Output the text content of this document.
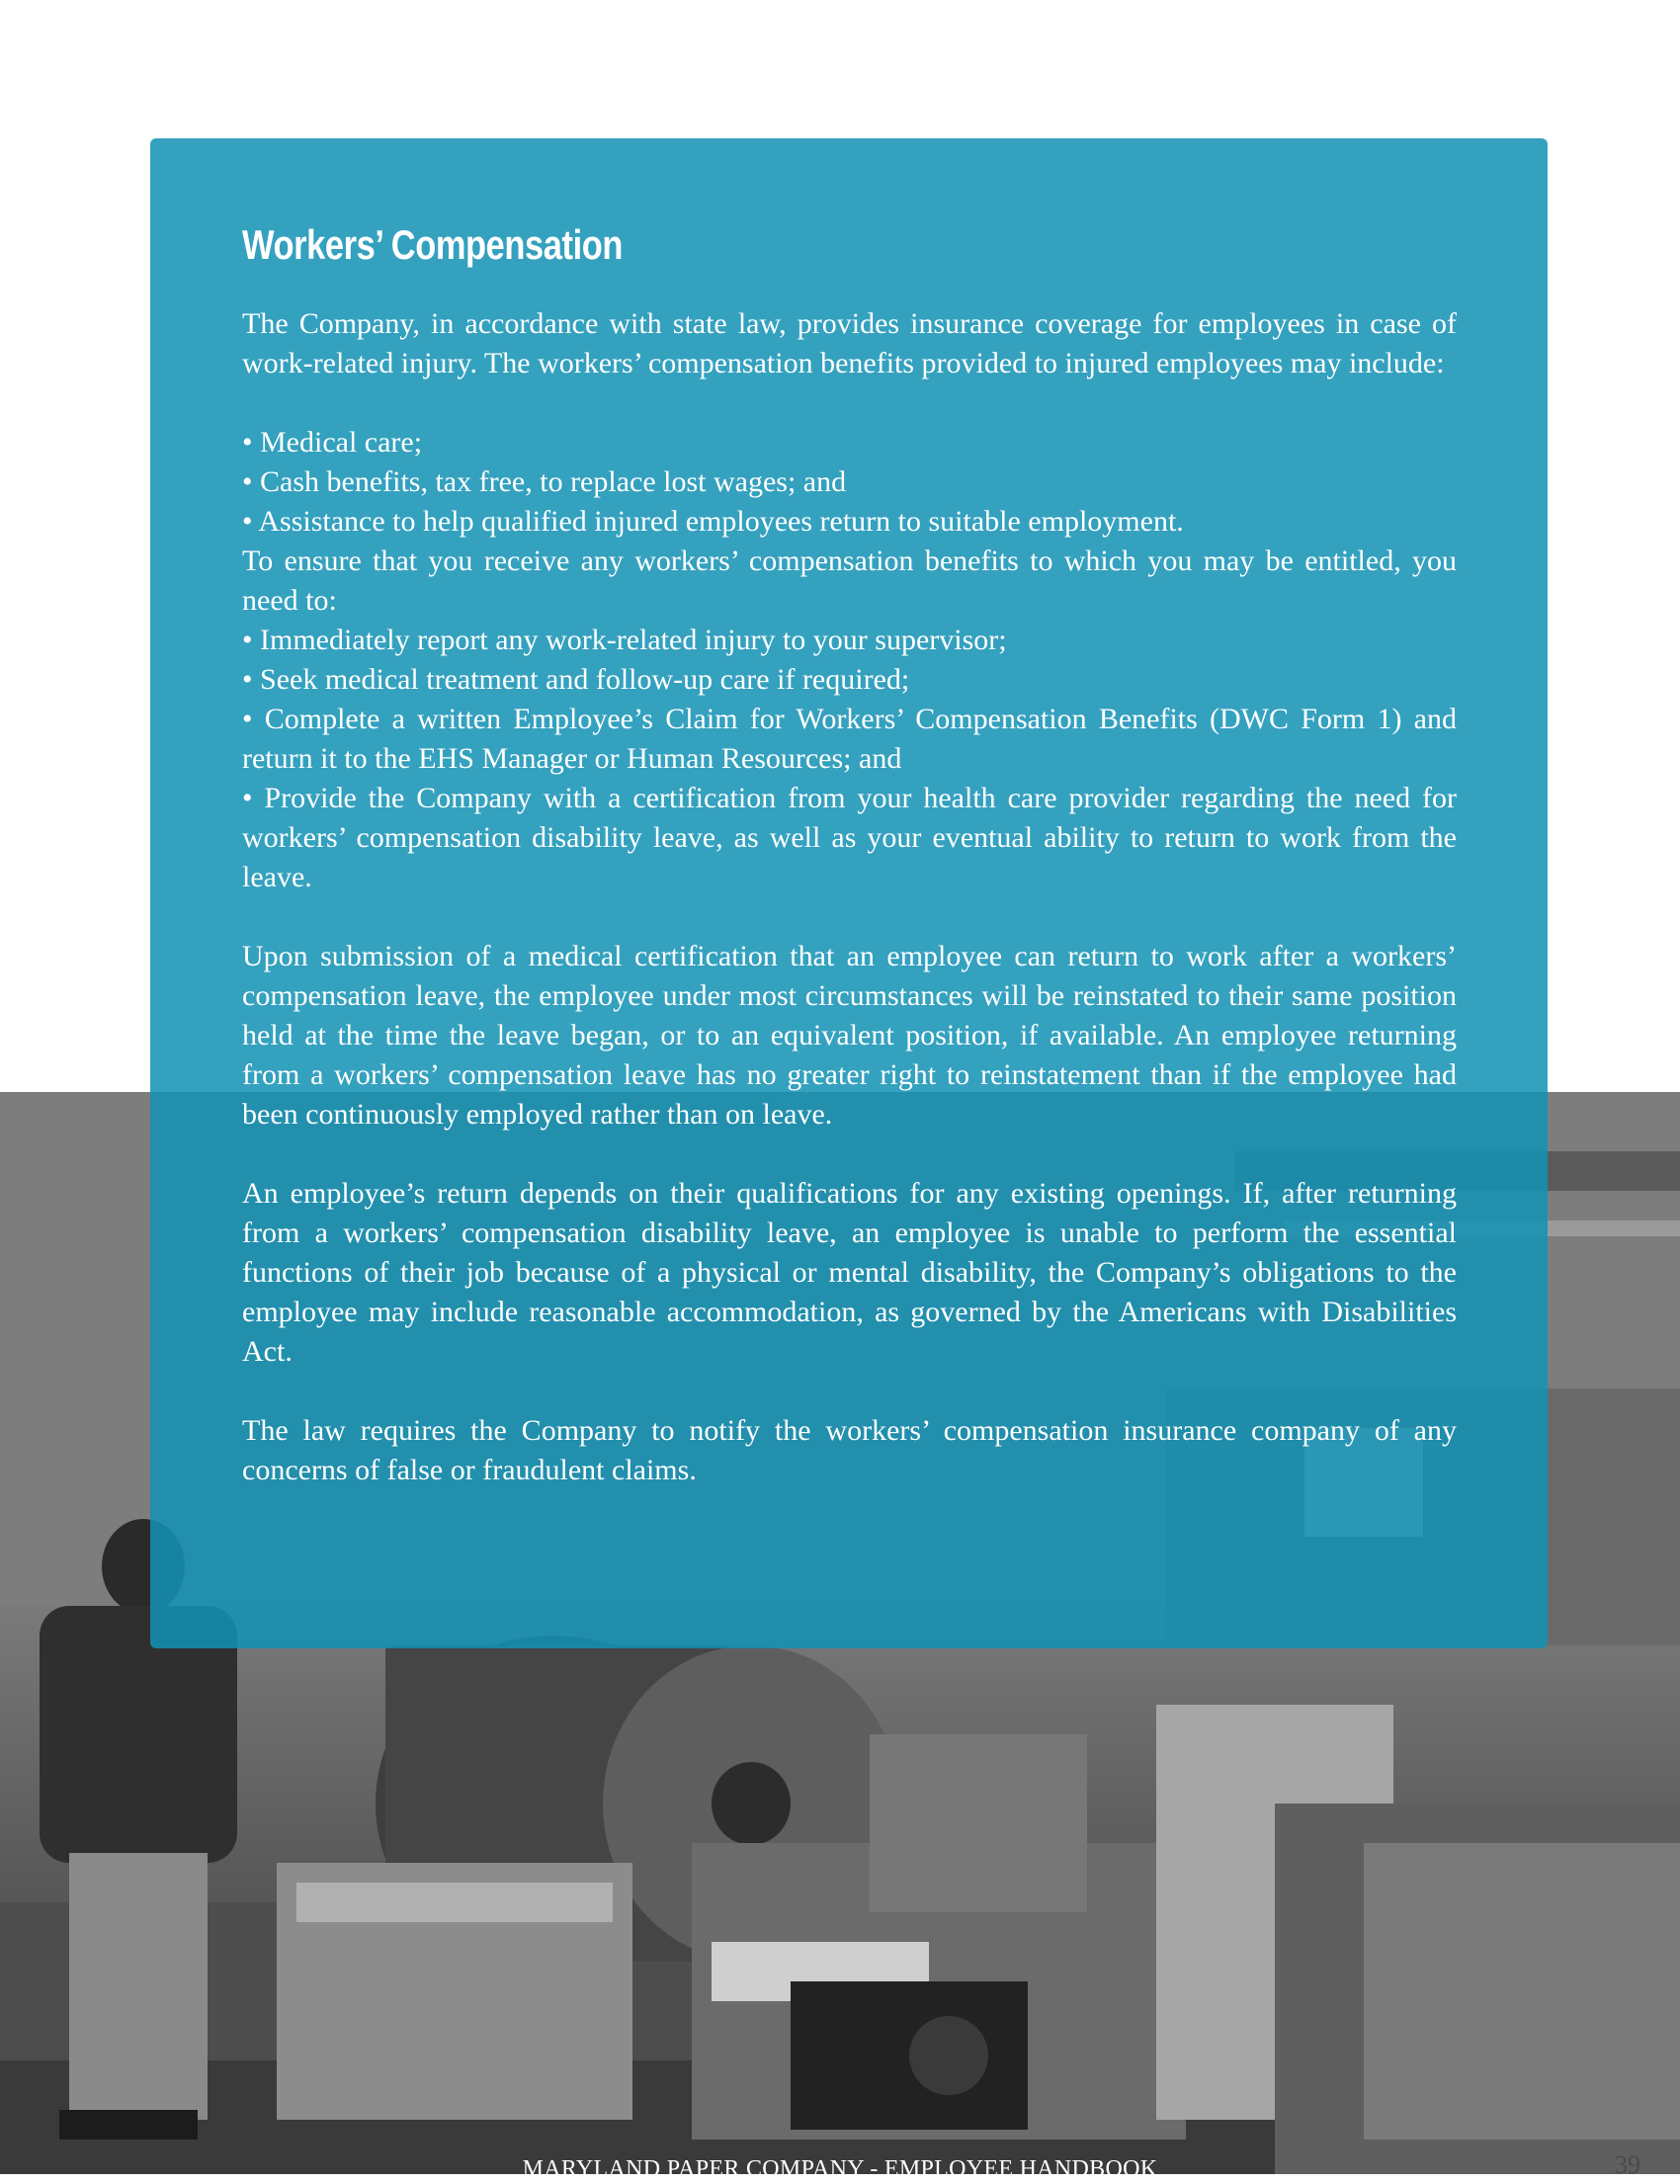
Workers’ Compensation

The Company, in accordance with state law, provides insurance coverage for employees in case of work-related injury. The workers’ compensation benefits provided to injured employees may include:

• Medical care;

• Cash benefits, tax free, to replace lost wages; and

• Assistance to help qualified injured employees return to suitable employment.

To ensure that you receive any workers’ compensation benefits to which you may be entitled, you need to:

• Immediately report any work-related injury to your supervisor;

• Seek medical treatment and follow-up care if required;

• Complete a written Employee’s Claim for Workers’ Compensation Benefits (DWC Form 1) and return it to the EHS Manager or Human Resources; and

• Provide the Company with a certification from your health care provider regarding the need for workers’ compensation disability leave, as well as your eventual ability to return to work from the leave.

Upon submission of a medical certification that an employee can return to work after a workers’ compensation leave, the employee under most circumstances will be reinstated to their same position held at the time the leave began, or to an equivalent position, if available. An employee returning from a workers’ compensation leave has no greater right to reinstatement than if the employee had been continuously employed rather than on leave.

An employee’s return depends on their qualifications for any existing openings. If, after returning from a workers’ compensation disability leave, an employee is unable to perform the essential functions of their job because of a physical or mental disability, the Company’s obligations to the employee may include reasonable accommodation, as governed by the Americans with Disabilities Act.

The law requires the Company to notify the workers’ compensation insurance company of any concerns of false or fraudulent claims.

MARYLAND PAPER COMPANY - EMPLOYEE HANDBOOK	39
